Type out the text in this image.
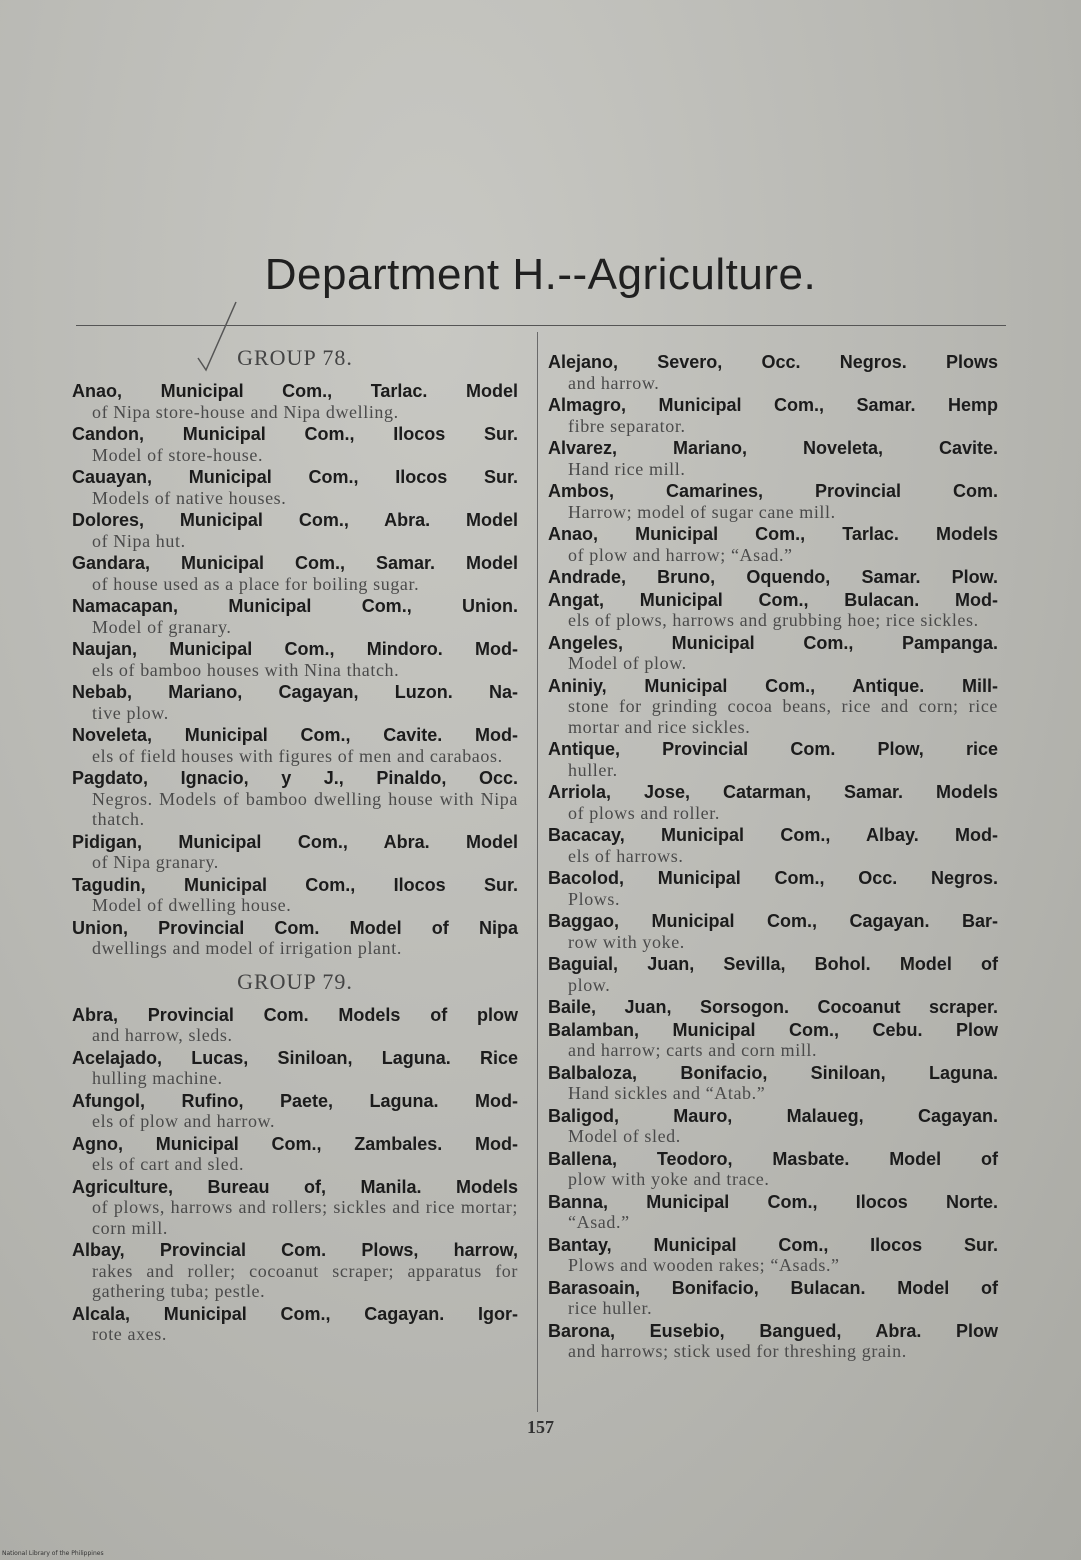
Department H.--Agriculture.
GROUP 78.
Anao, Municipal Com., Tarlac. Model
of Nipa store-house and Nipa dwelling.
Candon, Municipal Com., Ilocos Sur.
Model of store-house.
Cauayan, Municipal Com., Ilocos Sur.
Models of native houses.
Dolores, Municipal Com., Abra. Model
of Nipa hut.
Gandara, Municipal Com., Samar. Model
of house used as a place for boiling sugar.
Namacapan, Municipal Com., Union.
Model of granary.
Naujan, Municipal Com., Mindoro. Mod-
els of bamboo houses with Nina thatch.
Nebab, Mariano, Cagayan, Luzon. Na-
tive plow.
Noveleta, Municipal Com., Cavite. Mod-
els of field houses with figures of men and carabaos.
Pagdato, Ignacio, y J., Pinaldo, Occ.
Negros. Models of bamboo dwelling house with Nipa thatch.
Pidigan, Municipal Com., Abra. Model
of Nipa granary.
Tagudin, Municipal Com., Ilocos Sur.
Model of dwelling house.
Union, Provincial Com. Model of Nipa
dwellings and model of irrigation plant.
GROUP 79.
Abra, Provincial Com. Models of plow
and harrow, sleds.
Acelajado, Lucas, Siniloan, Laguna. Rice
hulling machine.
Afungol, Rufino, Paete, Laguna. Mod-
els of plow and harrow.
Agno, Municipal Com., Zambales. Mod-
els of cart and sled.
Agriculture, Bureau of, Manila. Models
of plows, harrows and rollers; sickles and rice mortar; corn mill.
Albay, Provincial Com. Plows, harrow,
rakes and roller; cocoanut scraper; apparatus for gathering tuba; pestle.
Alcala, Municipal Com., Cagayan. Igor-
rote axes.
Alejano, Severo, Occ. Negros. Plows
and harrow.
Almagro, Municipal Com., Samar. Hemp
fibre separator.
Alvarez, Mariano, Noveleta, Cavite.
Hand rice mill.
Ambos, Camarines, Provincial Com.
Harrow; model of sugar cane mill.
Anao, Municipal Com., Tarlac. Models
of plow and harrow; “Asad.”
Andrade, Bruno, Oquendo, Samar. Plow.
Angat, Municipal Com., Bulacan. Mod-
els of plows, harrows and grubbing hoe; rice sickles.
Angeles, Municipal Com., Pampanga.
Model of plow.
Aniniy, Municipal Com., Antique. Mill-
stone for grinding cocoa beans, rice and corn; rice mortar and rice sickles.
Antique, Provincial Com. Plow, rice
huller.
Arriola, Jose, Catarman, Samar. Models
of plows and roller.
Bacacay, Municipal Com., Albay. Mod-
els of harrows.
Bacolod, Municipal Com., Occ. Negros.
Plows.
Baggao, Municipal Com., Cagayan. Bar-
row with yoke.
Baguial, Juan, Sevilla, Bohol. Model of
plow.
Baile, Juan, Sorsogon. Cocoanut scraper.
Balamban, Municipal Com., Cebu. Plow
and harrow; carts and corn mill.
Balbaloza, Bonifacio, Siniloan, Laguna.
Hand sickles and “Atab.”
Baligod, Mauro, Malaueg, Cagayan.
Model of sled.
Ballena, Teodoro, Masbate. Model of
plow with yoke and trace.
Banna, Municipal Com., Ilocos Norte.
“Asad.”
Bantay, Municipal Com., Ilocos Sur.
Plows and wooden rakes; “Asads.”
Barasoain, Bonifacio, Bulacan. Model of
rice huller.
Barona, Eusebio, Bangued, Abra. Plow
and harrows; stick used for threshing grain.
157
National Library of the Philippines
